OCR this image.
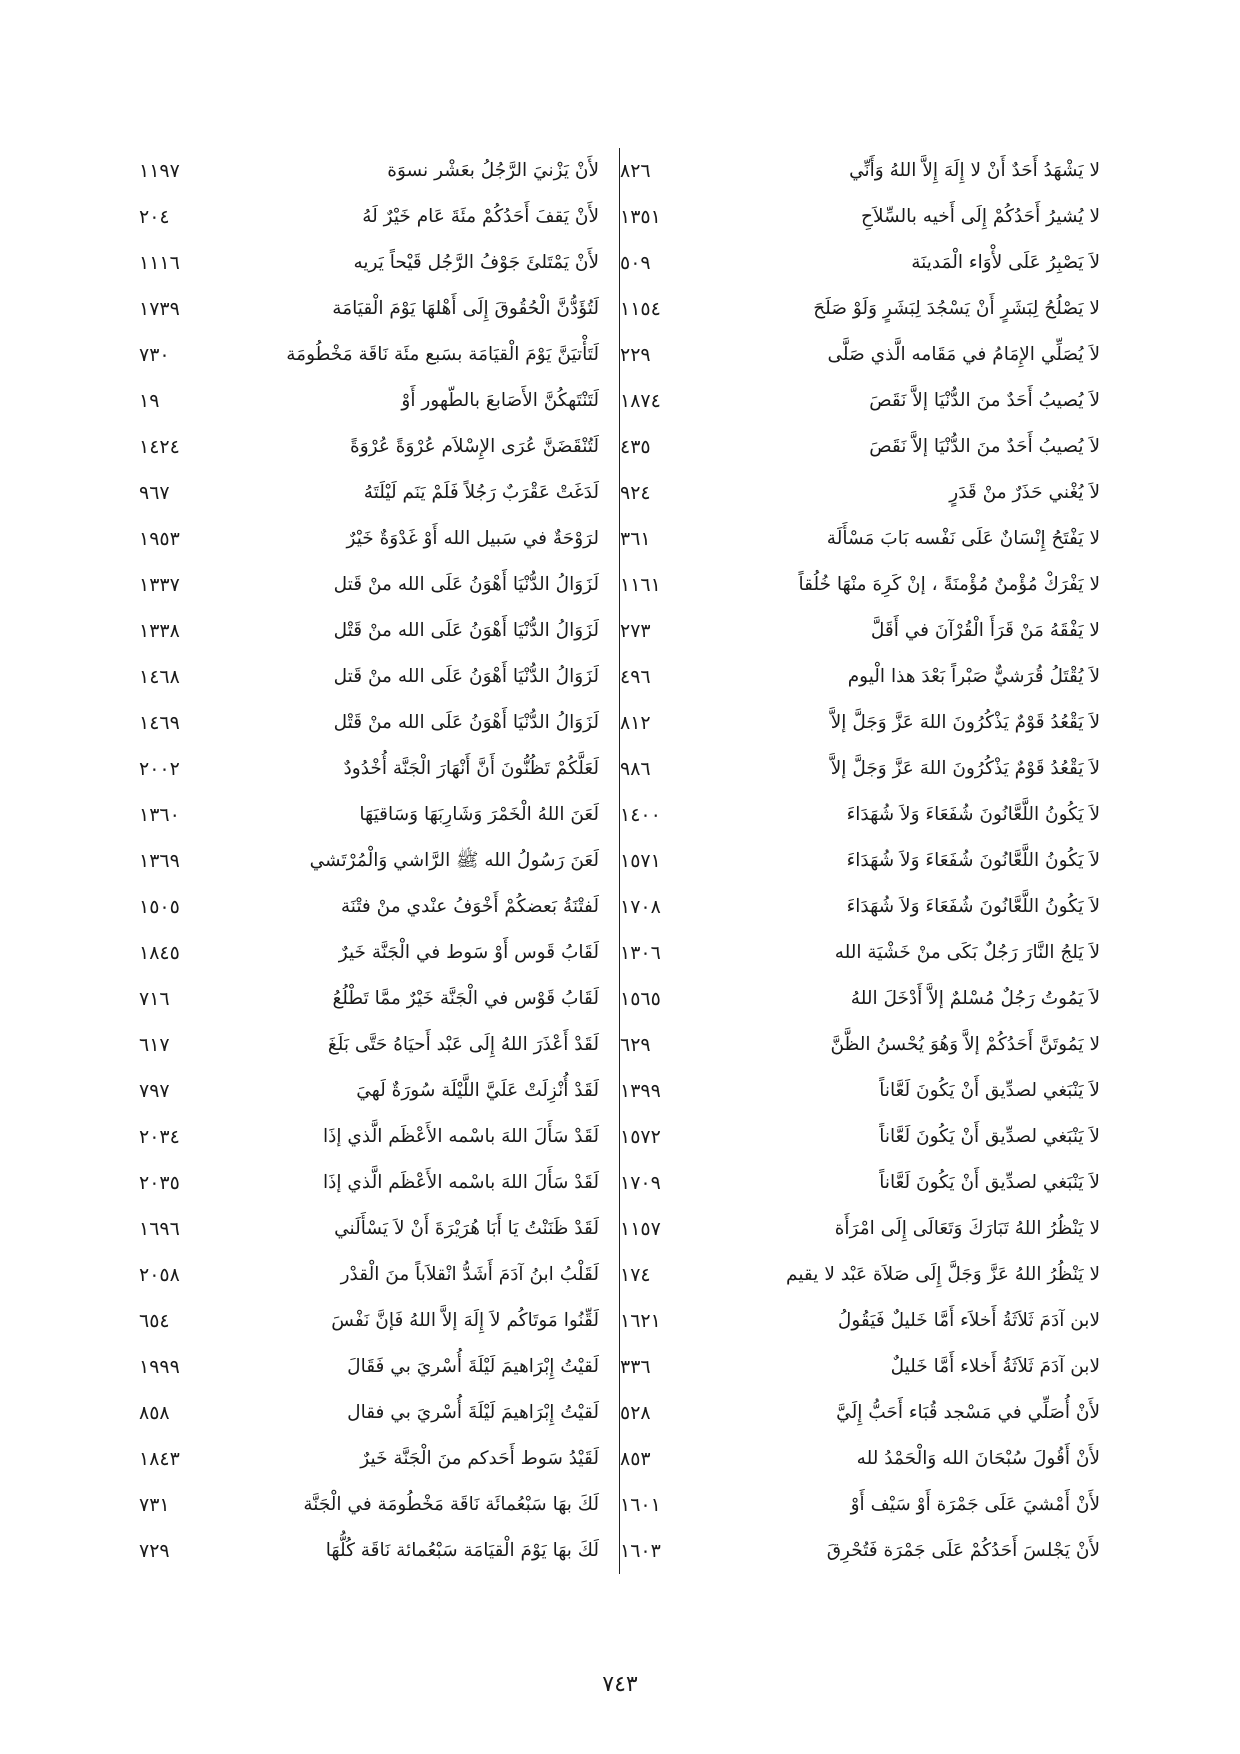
لا يَشْهَدُ أَحَدٌ أَنْ لا إِلَهَ إِلاَّ اللهُ وَأَنِّي
٨٢٦
لا يُشيرُ أَحَدُكُمْ إِلَى أَخيه بالسِّلاَحِ
١٣٥١
لاَ يَصْبِرُ عَلَى لأْوَاء الْمَدينَة
٥٠٩
لا يَصْلُحُ لِبَشَرٍ أَنْ يَسْجُدَ لِبَشَرٍ وَلَوْ صَلَحَ
١١٥٤
لاَ يُصَلِّي الإِمَامُ في مَقَامه الَّذي صَلَّى
٢٢٩
لاَ يُصيبُ أَحَدٌ منَ الدُّنْيَا إلاَّ نَقَصَ
١٨٧٤
لاَ يُصيبُ أَحَدٌ منَ الدُّنْيَا إلاَّ نَقَصَ
٤٣٥
لاَ يُغْني حَذَرٌ منْ قَدَرٍ
٩٢٤
لا يَفْتَحُ إِنْسَانٌ عَلَى نَفْسه بَابَ مَسْأَلَة
٣٦١
لا يَفْرَكْ مُؤْمنٌ مُؤْمنَةً ، إنْ كَرِهَ منْهَا خُلُقاً
١١٦١
لا يَفْقَهُ مَنْ قَرَأَ الْقُرْآنَ في أَقَلَّ
٢٧٣
لاَ يُقْتَلُ قُرَشيٌّ صَبْراً بَعْدَ هذا الْيوم
٤٩٦
لاَ يَقْعُدُ قَوْمٌ يَذْكُرُونَ اللهَ عَزَّ وَجَلَّ إلاَّ
٨١٢
لاَ يَقْعُدُ قَوْمٌ يَذْكُرُونَ اللهَ عَزَّ وَجَلَّ إلاَّ
٩٨٦
لاَ يَكُونُ اللَّعَّانُونَ شُفَعَاءَ وَلاَ شُهَدَاءَ
١٤٠٠
لاَ يَكُونُ اللَّعَّانُونَ شُفَعَاءَ وَلاَ شُهَدَاءَ
١٥٧١
لاَ يَكُونُ اللَّعَّانُونَ شُفَعَاءَ وَلاَ شُهَدَاءَ
١٧٠٨
لاَ يَلجُ النَّارَ رَجُلٌ بَكَى منْ خَشْيَة الله
١٣٠٦
لاَ يَمُوتُ رَجُلٌ مُسْلمٌ إلاَّ أَدْخَلَ اللهُ
١٥٦٥
لا يَمُوتَنَّ أَحَدُكُمْ إلاَّ وَهُوَ يُحْسنُ الظَّنَّ
٦٢٩
لاَ يَنْبَغي لصدِّيق أَنْ يَكُونَ لَعَّاناً
١٣٩٩
لاَ يَنْبَغي لصدِّيق أَنْ يَكُونَ لَعَّاناً
١٥٧٢
لاَ يَنْبَغي لصدِّيق أَنْ يَكُونَ لَعَّاناً
١٧٠٩
لا يَنْظُرُ اللهُ تَبَارَكَ وَتَعَالَى إِلَى امْرَأَة
١١٥٧
لا يَنْظُرُ اللهُ عَزَّ وَجَلَّ إِلَى صَلاَة عَبْد لا يقيم
١٧٤
لابن آدَمَ ثَلاَثَةُ أَخلاَء أَمَّا خَليلٌ فَيَقُولُ
١٦٢١
لابن آدَمَ ثَلاَثَةُ أَخلاء أَمَّا خَليلٌ
٣٣٦
لأَنْ أُصَلِّي في مَسْجد قُبَاء أَحَبُّ إِلَيَّ
٥٢٨
لأَنْ أَقُولَ سُبْحَانَ الله وَالْحَمْدُ لله
٨٥٣
لأَنْ أَمْشيَ عَلَى جَمْرَة أَوْ سَيْف أَوْ
١٦٠١
لأَنْ يَجْلسَ أَحَدُكُمْ عَلَى جَمْرَة فَتُحْرِقَ
١٦٠٣
لأَنْ يَزْنيَ الرَّجُلُ بعَشْر نسوَة
١١٩٧
لأَنْ يَقفَ أَحَدُكُمْ مئَةَ عَام خَيْرٌ لَهُ
٢٠٤
لأَنْ يَمْتَلئَ جَوْفُ الرَّجُل قَيْحاً يَريه
١١١٦
لَتُؤَدُّنَّ الْحُقُوقَ إِلَى أَهْلهَا يَوْمَ الْقيَامَة
١٧٣٩
لَتَأْتيَنَّ يَوْمَ الْقيَامَة بسَبع مئَة نَاقَة مَخْطُومَة
٧٣٠
لَتَنْتَهكُنَّ الأَصَابعَ بالطّهور أَوْ
١٩
لَتُنْقَضَنَّ عُرَى الإِسْلاَم عُرْوَةً عُرْوَةً
١٤٢٤
لَدَغَتْ عَقْرَبٌ رَجُلاً فَلَمْ يَنَم لَيْلَتَهُ
٩٦٧
لرَوْحَةٌ في سَبيل الله أَوْ غَدْوَةٌ خَيْرٌ
١٩٥٣
لَزَوَالُ الدُّنْيَا أَهْوَنُ عَلَى الله منْ قَتل
١٣٣٧
لَزَوَالُ الدُّنْيَا أَهْوَنُ عَلَى الله منْ قَتْل
١٣٣٨
لَزَوَالُ الدُّنْيَا أَهْوَنُ عَلَى الله منْ قَتل
١٤٦٨
لَزَوَالُ الدُّنْيَا أَهْوَنُ عَلَى الله منْ قَتْل
١٤٦٩
لَعَلَّكُمْ تَظُنُّونَ أَنَّ أَنْهَارَ الْجَنَّة أُخْدُودٌ
٢٠٠٢
لَعَنَ اللهُ الْخَمْرَ وَشَارِبَهَا وَسَاقيَهَا
١٣٦٠
لَعَنَ رَسُولُ الله ﷺ الرَّاشي وَالْمُرْتَشي
١٣٦٩
لَفتْنَةُ بَعضكُمْ أَخْوَفُ عنْدي منْ فتْنَة
١٥٠٥
لَقَابُ قَوس أَوْ سَوط في الْجَنَّة خَيرٌ
١٨٤٥
لَقَابُ قَوْس في الْجَنَّة خَيْرٌ ممَّا تَطْلُعُ
٧١٦
لَقَدْ أَعْذَرَ اللهُ إِلَى عَبْد أَحيَاهُ حَتَّى بَلَغَ
٦١٧
لَقَدْ أُنْزِلَتْ عَلَيَّ اللَّيْلَة سُورَةٌ لَهيَ
٧٩٧
لَقَدْ سَأَلَ اللهَ باسْمه الأَعْظَم الَّذي إذَا
٢٠٣٤
لَقَدْ سَأَلَ اللهَ باسْمه الأَعْظَم الَّذي إذَا
٢٠٣٥
لَقَدْ ظَنَنْتُ يَا أَبَا هُرَيْرَةَ أَنْ لاَ يَسْأَلَني
١٦٩٦
لَقَلْبُ ابنُ آدَمَ أَشَدُّ انْقلاَباً منَ الْقدْر
٢٠٥٨
لَقِّنُوا مَوتَاكُم لاَ إِلَهَ إلاَّ اللهُ فَإنَّ نَفْسَ
٦٥٤
لَقيْتُ إِبْرَاهيمَ لَيْلَةَ أُسْريَ بي فَقَالَ
١٩٩٩
لَقيْتُ إِبْرَاهيمَ لَيْلَةَ أُسْريَ بي فقال
٨٥٨
لَقَيْدُ سَوط أَحَدكم منَ الْجَنَّة خَيرٌ
١٨٤٣
لَكَ بهَا سَبْعُمائَة نَاقَة مَخْطُومَة في الْجَنَّة
٧٣١
لَكَ بهَا يَوْمَ الْقيَامَة سَبْعُمائة نَاقَة كُلُّهَا
٧٢٩
٧٤٣
